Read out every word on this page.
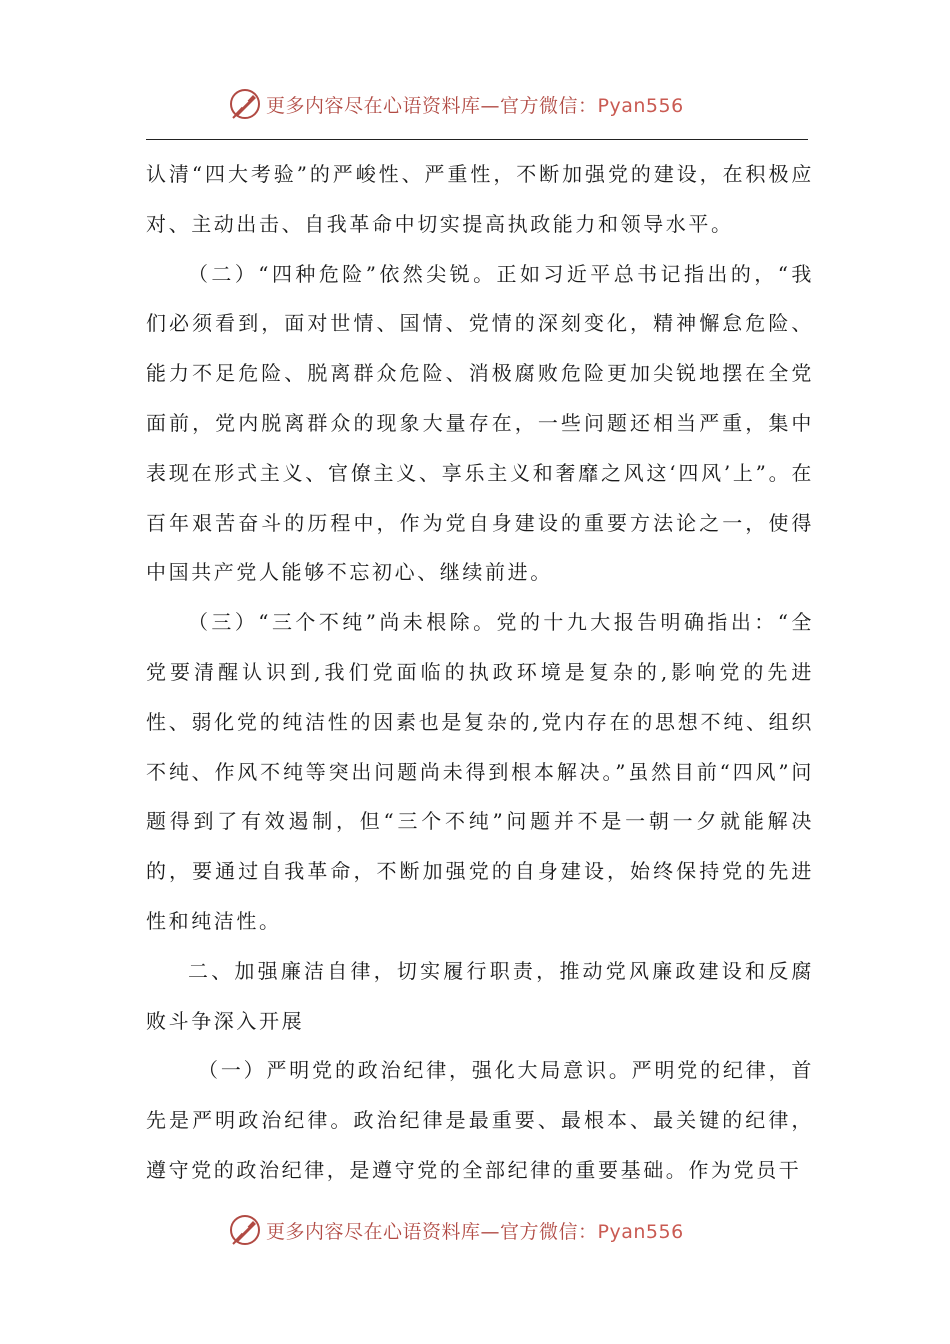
更多内容尽在心语资料库—官方微信：Pyan556

认清“四大考验”的严峻性、严重性，不断加强党的建设，在积极应对、主动出击、自我革命中切实提高执政能力和领导水平。

（二）“四种危险”依然尖锐。正如习近平总书记指出的，“我们必须看到，面对世情、国情、党情的深刻变化，精神懈怠危险、能力不足危险、脱离群众危险、消极腐败危险更加尖锐地摆在全党面前，党内脱离群众的现象大量存在，一些问题还相当严重，集中表现在形式主义、官僚主义、享乐主义和奢靡之风这‘四风’上”。在百年艰苦奋斗的历程中，作为党自身建设的重要方法论之一，使得中国共产党人能够不忘初心、继续前进。

（三）“三个不纯”尚未根除。党的十九大报告明确指出：“全党要清醒认识到,我们党面临的执政环境是复杂的,影响党的先进性、弱化党的纯洁性的因素也是复杂的,党内存在的思想不纯、组织不纯、作风不纯等突出问题尚未得到根本解决。”虽然目前“四风”问题得到了有效遏制，但“三个不纯”问题并不是一朝一夕就能解决的，要通过自我革命，不断加强党的自身建设，始终保持党的先进性和纯洁性。

二、加强廉洁自律，切实履行职责，推动党风廉政建设和反腐败斗争深入开展

（一）严明党的政治纪律，强化大局意识。严明党的纪律，首先是严明政治纪律。政治纪律是最重要、最根本、最关键的纪律，遵守党的政治纪律，是遵守党的全部纪律的重要基础。作为党员干

更多内容尽在心语资料库—官方微信：Pyan556
